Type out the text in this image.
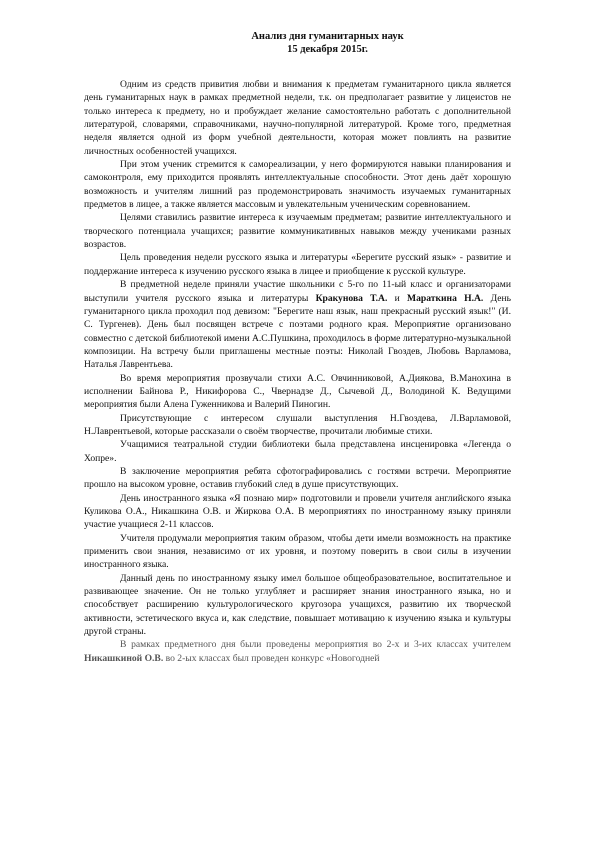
Анализ дня гуманитарных наук
15 декабря 2015г.

Одним из средств привития любви и внимания к предметам гуманитарного цикла является день гуманитарных наук в рамках предметной недели, т.к. он предполагает развитие у лицеистов не только интереса к предмету, но и пробуждает желание самостоятельно работать с дополнительной литературой, словарями, справочниками, научно-популярной литературой. Кроме того, предметная неделя является одной из форм учебной деятельности, которая может повлиять на развитие личностных особенностей учащихся.

При этом ученик стремится к самореализации, у него формируются навыки планирования и самоконтроля, ему приходится проявлять интеллектуальные способности. Этот день даёт хорошую возможность и учителям лишний раз продемонстрировать значимость изучаемых гуманитарных предметов в лицее, а также является массовым и увлекательным ученическим соревнованием.

Целями ставились развитие интереса к изучаемым предметам; развитие интеллектуального и творческого потенциала учащихся; развитие коммуникативных навыков между учениками разных возрастов.

Цель проведения недели русского языка и литературы «Берегите русский язык» - развитие и поддержание интереса к изучению русского языка в лицее и приобщение к русской культуре.

В предметной неделе приняли участие школьники с 5-го по 11-ый класс и организаторами выступили учителя русского языка и литературы Кракунова Т.А. и Мараткина Н.А. День гуманитарного цикла проходил под девизом: "Берегите наш язык, наш прекрасный русский язык!" (И. С. Тургенев). День был посвящен встрече с поэтами родного края. Мероприятие организовано совместно с детской библиотекой имени А.С.Пушкина, проходилось в форме литературно-музыкальной композиции. На встречу были приглашены местные поэты: Николай Гвоздев, Любовь Варламова, Наталья Лаврентьева.

Во время мероприятия прозвучали стихи А.С. Овчинниковой, А.Диякова, В.Манохина в исполнении Байнова Р., Никифорова С., Чвернадзе Д., Сычевой Д., Володиной К. Ведущими мероприятия были Алена Гуженникова и Валерий Пиногин.

Присутствующие с интересом слушали выступления Н.Гвоздева, Л.Варламовой, Н.Лаврентьевой, которые рассказали о своём творчестве, прочитали любимые стихи.

Учащимися театральной студии библиотеки была представлена инсценировка «Легенда о Хопре».

В заключение мероприятия ребята сфотографировались с гостями встречи. Мероприятие прошло на высоком уровне, оставив глубокий след в душе присутствующих.

День иностранного языка «Я познаю мир» подготовили и провели учителя английского языка Куликова О.А., Никашкина О.В. и Жиркова О.А. В мероприятиях по иностранному языку приняли участие учащиеся 2-11 классов.

Учителя продумали мероприятия таким образом, чтобы дети имели возможность на практике применить свои знания, независимо от их уровня, и поэтому поверить в свои силы в изучении иностранного языка.

Данный день по иностранному языку имел большое общеобразовательное, воспитательное и развивающее значение. Он не только углубляет и расширяет знания иностранного языка, но и способствует расширению культурологического кругозора учащихся, развитию их творческой активности, эстетического вкуса и, как следствие, повышает мотивацию к изучению языка и культуры другой страны.

В рамках предметного дня были проведены мероприятия во 2-х и 3-их классах учителем Никашкиной О.В. во 2-ых классах был проведен конкурс «Новогодней
